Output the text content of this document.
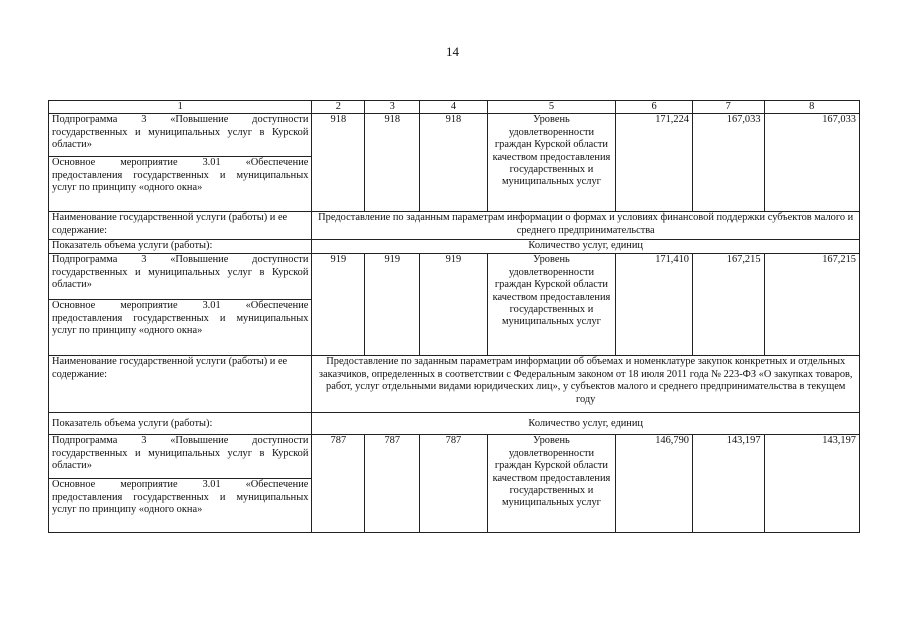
14
1	2	3	4	5	6	7	8
Подпрограмма 3 «Повышение доступности государственных и муниципальных услуг в Курской области»	918	918	918	Уровень удовлетворенности граждан Курской области качеством предоставления государственных и муниципальных услуг	171,224	167,033	167,033
Основное мероприятие 3.01 «Обеспечение предоставления государственных и муниципальных услуг по принципу «одного окна»							
Наименование государственной услуги (работы) и ее содержание:	Предоставление по заданным параметрам информации о формах и условиях финансовой поддержки субъектов малого и среднего предпринимательства						
Показатель объема услуги (работы):	Количество услуг, единиц						
Подпрограмма 3 «Повышение доступности государственных и муниципальных услуг в Курской области»	919	919	919	Уровень удовлетворенности граждан Курской области качеством предоставления государственных и муниципальных услуг	171,410	167,215	167,215
Основное мероприятие 3.01 «Обеспечение предоставления государственных и муниципальных услуг по принципу «одного окна»							
Наименование государственной услуги (работы) и ее содержание:	Предоставление по заданным параметрам информации об объемах и номенклатуре закупок конкретных и отдельных заказчиков, определенных в соответствии с Федеральным законом от 18 июля 2011 года № 223-ФЗ «О закупках товаров, работ, услуг отдельными видами юридических лиц», у субъектов малого и среднего предпринимательства в текущем году						
Показатель объема услуги (работы):	Количество услуг, единиц						
Подпрограмма 3 «Повышение доступности государственных и муниципальных услуг в Курской области»	787	787	787	Уровень удовлетворенности граждан Курской области качеством предоставления государственных и муниципальных услуг	146,790	143,197	143,197
Основное мероприятие 3.01 «Обеспечение предоставления государственных и муниципальных услуг по принципу «одного окна»							
